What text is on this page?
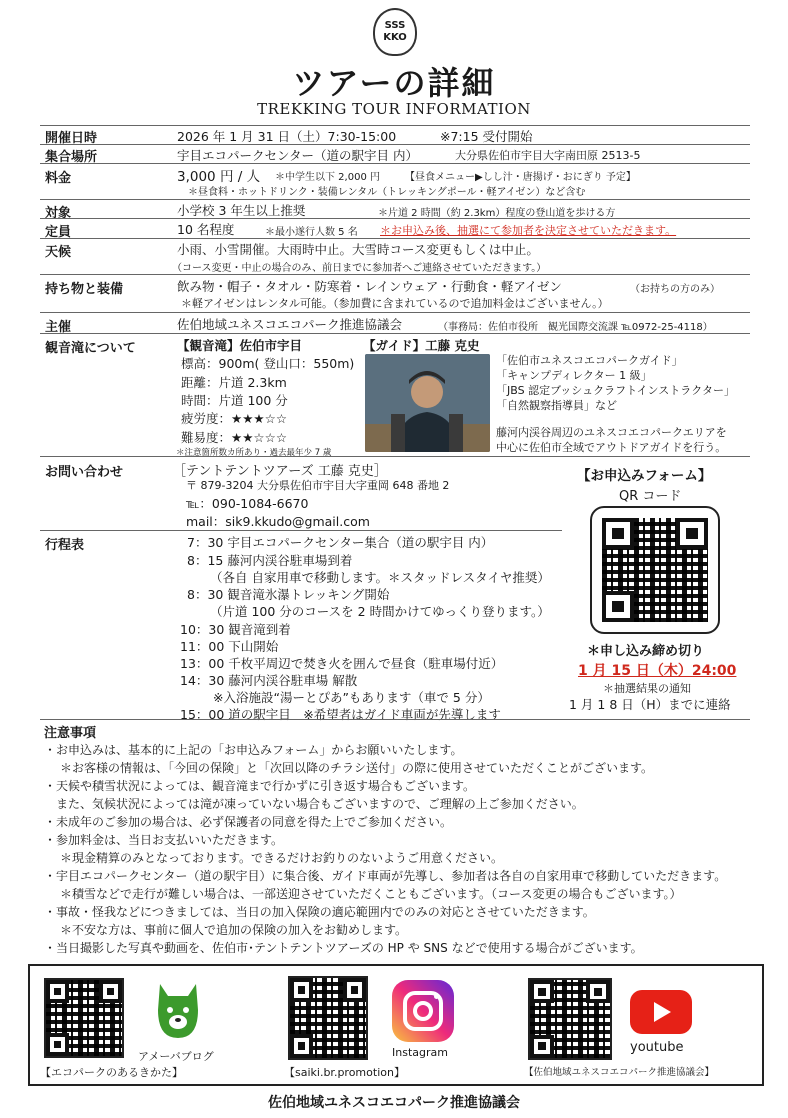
SSS
KKO
ツアーの詳細
TREKKING TOUR INFORMATION
開催日時	2026 年 1 月 31 日（土）7:30-15:00	※7:15 受付開始
集合場所	宇目エコパークセンター（道の駅宇目 内）	大分県佐伯市宇目大字南田原 2513-5
料金	3,000 円 / 人 ＊中学生以下 2,000 円	【昼食メニュー▶しし汁・唐揚げ・おにぎり 予定】
＊昼食料・ホットドリンク・装備レンタル（トレッキングポール・軽アイゼン）など含む
対象	小学校 3 年生以上推奨	＊片道 2 時間（約 2.3km）程度の登山道を歩ける方
定員	10 名程度	＊最小遂行人数 5 名 ＊お申込み後、抽選にて参加者を決定させていただきます。
天候	小雨、小雪開催。大雨時中止。大雪時コース変更もしくは中止。
（コース変更・中止の場合のみ、前日までに参加者へご連絡させていただきます。）
持ち物と装備	飲み物・帽子・タオル・防寒着・レインウェア・行動食・軽アイゼン	（お持ちの方のみ）
＊軽アイゼンはレンタル可能。（参加費に含まれているので追加料金はございません。）
主催	佐伯地域ユネスコエコパーク推進協議会	（事務局：佐伯市役所　観光国際交流課 ℡0972-25-4118）
観音滝について	【観音滝】佐伯市宇目
標高：900m( 登山口：550m)
距離：片道 2.3km
時間：片道 100 分
疲労度：★★★☆☆
難易度：★★☆☆☆
＊注意箇所数カ所あり・過去最年少 7 歳
【ガイド】工藤 克史
「佐伯市ユネスコエコパークガイド」
「キャンプディレクター 1 級」
「JBS 認定ブッシュクラフトインストラクター」
「自然観察指導員」など
藤河内渓谷周辺のユネスコエコパークエリアを
中心に佐伯市全域でアウトドアガイドを行う。
お問い合わせ	［テントテントツアーズ 工藤 克史］
〒 879-3204 大分県佐伯市宇目大字重岡 648 番地 2
℡：090-1084-6670
mail：sik9.kkudo@gmail.com
【お申込みフォーム】
QR コード
＊申し込み締め切り
1 月 15 日（木）24:00
＊抽選結果の通知
1 月 1 8 日（H）までに連絡
行程表	7：30 宇目エコパークセンター集合（道の駅宇目 内）
8：15 藤河内渓谷駐車場到着
（各自 自家用車で移動します。＊スタッドレスタイヤ推奨）
8：30 観音滝氷瀑トレッキング開始
（片道 100 分のコースを 2 時間かけてゆっくり登ります。）
10：30 観音滝到着
11：00 下山開始
13：00 千枚平周辺で焚き火を囲んで昼食（駐車場付近）
14：30 藤河内渓谷駐車場 解散
※入浴施設“湯ーとぴあ”もあります（車で 5 分）
15：00 道の駅宇目　※希望者はガイド車両が先導します
注意事項
・お申込みは、基本的に上記の「お申込みフォーム」からお願いいたします。
＊お客様の情報は、「今回の保険」と「次回以降のチラシ送付」の際に使用させていただくことがございます。
・天候や積雪状況によっては、観音滝まで行かずに引き返す場合もございます。
また、気候状況によっては滝が凍っていない場合もございますので、ご理解の上ご参加ください。
・未成年のご参加の場合は、必ず保護者の同意を得た上でご参加ください。
・参加料金は、当日お支払いいただきます。
＊現金精算のみとなっております。できるだけお釣りのないようご用意ください。
・宇目エコパークセンター（道の駅宇目）に集合後、ガイド車両が先導し、参加者は各自の自家用車で移動していただきます。
＊積雪などで走行が難しい場合は、一部送迎させていただくこともございます。（コース変更の場合もございます。）
・事故・怪我などにつきましては、当日の加入保険の適応範囲内でのみの対応とさせていただきます。
＊不安な方は、事前に個人で追加の保険の加入をお勧めします。
・当日撮影した写真や動画を、佐伯市･テントテントツアーズの HP や SNS などで使用する場合がございます。
アメーバブログ
【エコパークのあるきかた】
Instagram
【saiki.br.promotion】
youtube
【佐伯地域ユネスコエコパーク推進協議会】
佐伯地域ユネスコエコパーク推進協議会
